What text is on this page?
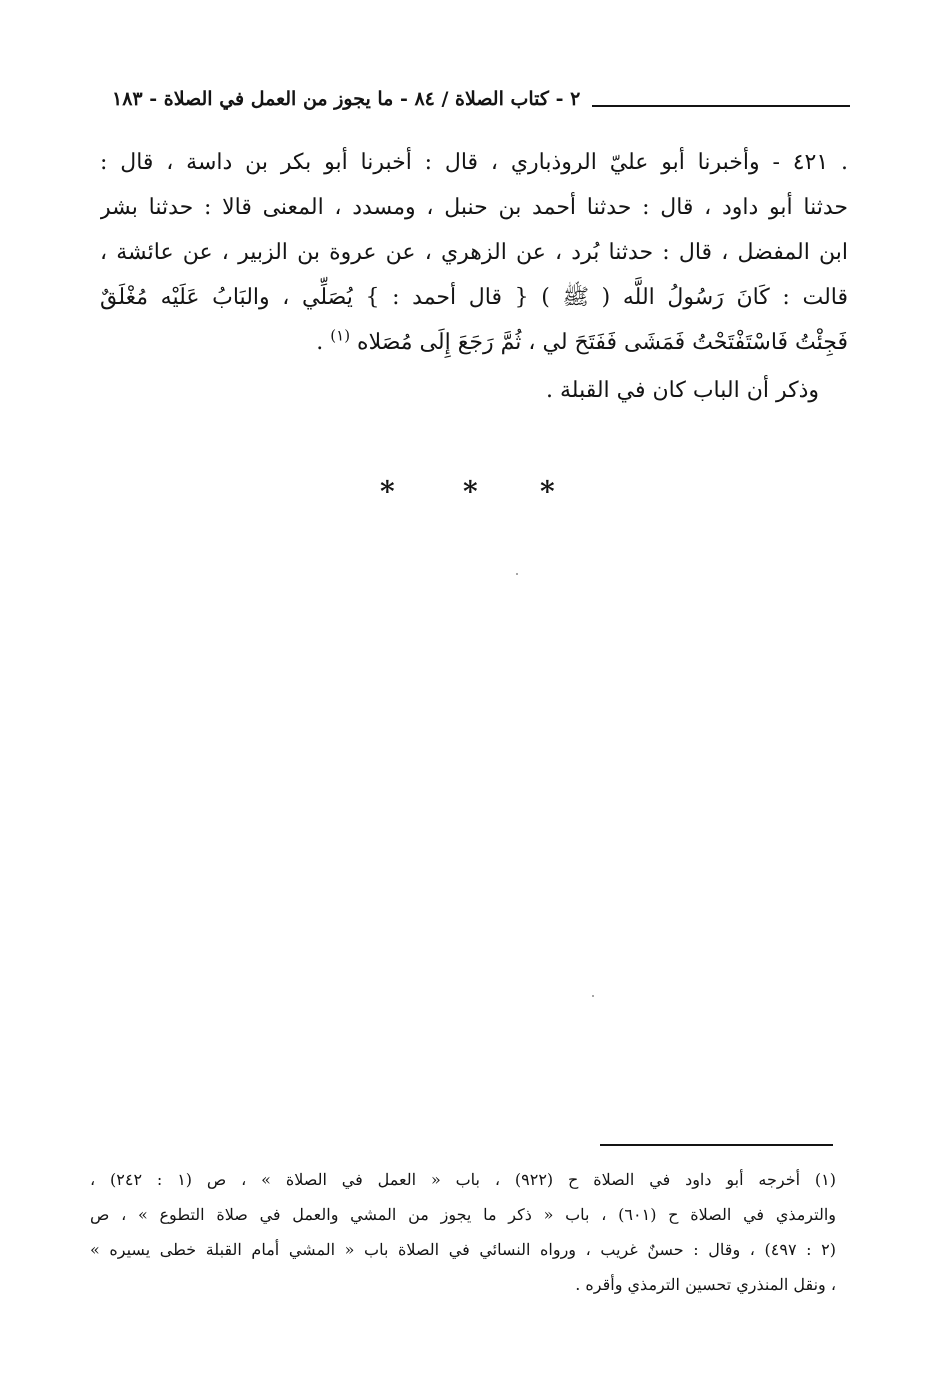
٢ - كتاب الصلاة / ٨٤ - ما يجوز من العمل في الصلاة - ١٨٣
. ٤٢١ - وأخبرنا أبو عليّ الروذباري ، قال : أخبرنا أبو بكر بن داسة ، قال :
حدثنا أبو داود ، قال : حدثنا أحمد بن حنبل ، ومسدد ، المعنى قالا : حدثنا بشر
ابن المفضل ، قال : حدثنا بُرد ، عن الزهري ، عن عروة بن الزبير ، عن عائشة ،
قالت : كَانَ رَسُولُ اللَّه ( ﷺ ) { قال أحمد : } يُصَلِّي ، والبَابُ عَلَيْه مُغْلَقٌ
فَجِئْتُ فَاسْتَفْتَحْتُ فَمَشَى فَفَتَحَ لي ، ثُمَّ رَجَعَ إِلَى مُصَلاه $^{(١)}$ .
وذكر أن الباب كان في القبلة .
* * *
(١) أخرجه أبو داود في الصلاة ح (٩٢٢) ، باب « العمل في الصلاة » ، ص (١ : ٢٤٢) ،
والترمذي في الصلاة ح (٦٠١) ، باب « ذكر ما يجوز من المشي والعمل في صلاة التطوع » ، ص
(٢ : ٤٩٧) ، وقال : حسنٌ غريب ، ورواه النسائي في الصلاة باب « المشي أمام القبلة خطى يسيره »
، ونقل المنذري تحسين الترمذي وأقره .
